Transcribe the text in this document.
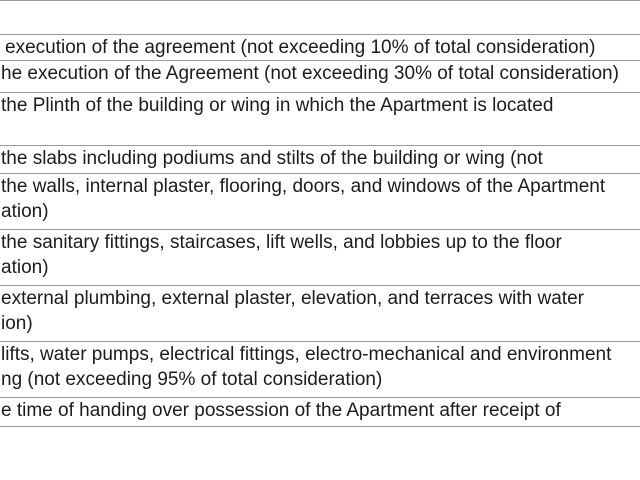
execution of the agreement (not exceeding 10% of total consideration)

he execution of the Agreement (not exceeding 30% of total consideration)

the Plinth of the building or wing in which the Apartment is located

the slabs including podiums and stilts of the building or wing (not

the walls, internal plaster, flooring, doors, and windows of the Apartment
ation)

the sanitary fittings, staircases, lift wells, and lobbies up to the floor
ation)

external plumbing, external plaster, elevation, and terraces with water
ion)

lifts, water pumps, electrical fittings, electro-mechanical and environment
ng (not exceeding 95% of total consideration)

e time of handing over possession of the Apartment after receipt of
